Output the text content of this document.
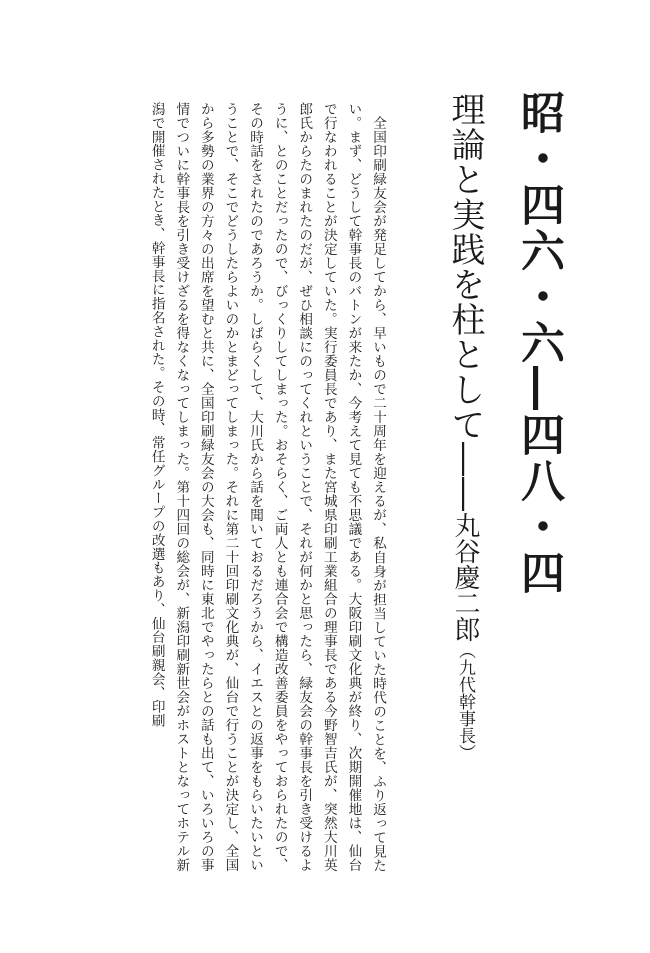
昭・四六・六―四八・四
理論と実践を柱として――丸谷慶二郎（九代幹事長）
全国印刷緑友会が発足してから、早いもので二十周年を迎えるが、私自身が担当していた時代のことを、ふり返って見たい。まず、どうして幹事長のバトンが来たか、今考えて見ても不思議である。大阪印刷文化典が終り、次期開催地は、仙台で行なわれることが決定していた。実行委員長であり、また宮城県印刷工業組合の理事長である今野智吉氏が、突然大川英郎氏からたのまれたのだが、ぜひ相談にのってくれということで、それが何かと思ったら、緑友会の幹事長を引き受けるように、とのことだったので、びっくりしてしまった。おそらく、ご両人とも連合会で構造改善委員をやっておられたので、その時話をされたのであろうか。しばらくして、大川氏から話を聞いておるだろうから、イエスとの返事をもらいたいということで、そこでどうしたらよいのかとまどってしまった。それに第二十回印刷文化典が、仙台で行うことが決定し、全国から多勢の業界の方々の出席を望むと共に、全国印刷緑友会の大会も、同時に東北でやったらとの話も出て、いろいろの事情でついに幹事長を引き受けざるを得なくなってしまった。第十四回の総会が、新潟印刷新世会がホストとなってホテル新潟で開催されたとき、幹事長に指名された。その時、常任グループの改選もあり、仙台刷親会、印刷
